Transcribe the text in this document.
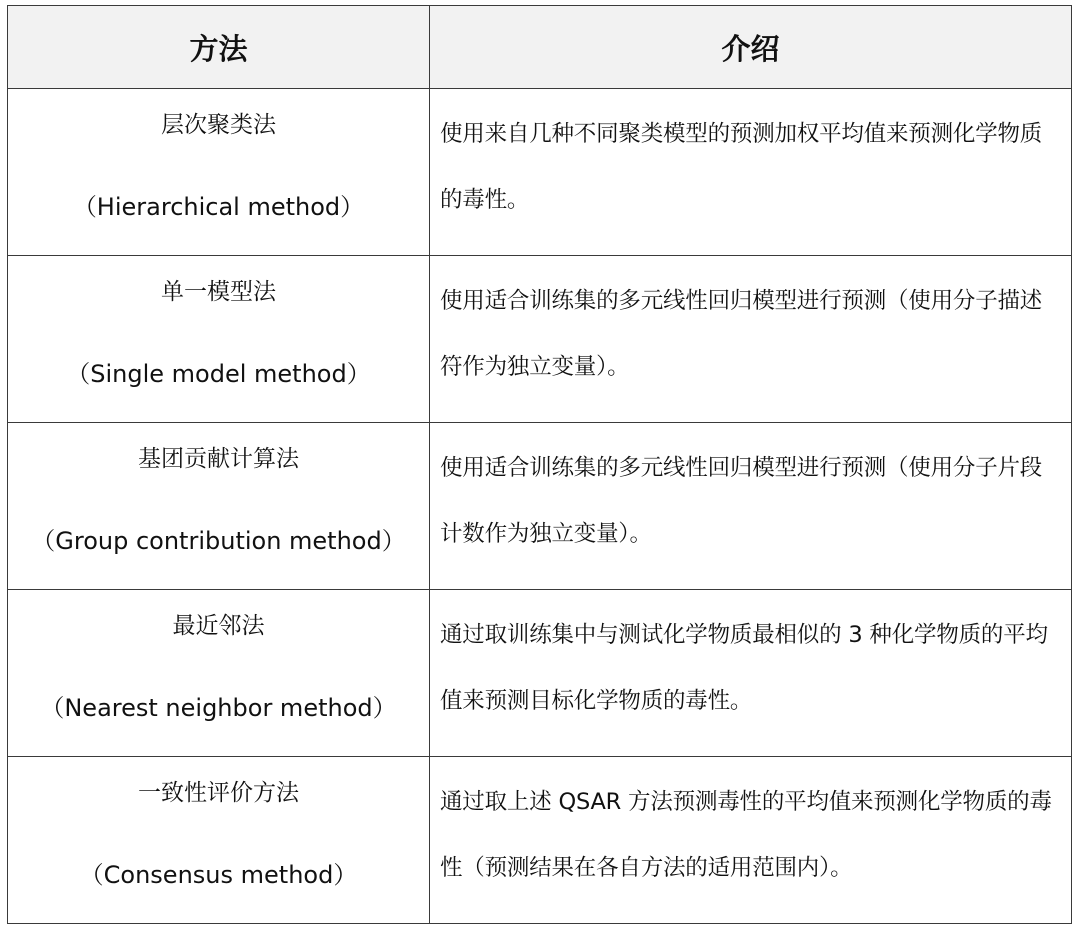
方法	介绍

层次聚类法
（Hierarchical method）	使用来自几种不同聚类模型的预测加权平均值来预测化学物质的毒性。

单一模型法
（Single model method）	使用适合训练集的多元线性回归模型进行预测（使用分子描述符作为独立变量）。

基团贡献计算法
（Group contribution method）	使用适合训练集的多元线性回归模型进行预测（使用分子片段计数作为独立变量）。

最近邻法
（Nearest neighbor method）	通过取训练集中与测试化学物质最相似的 3 种化学物质的平均值来预测目标化学物质的毒性。

一致性评价方法
（Consensus method）	通过取上述 QSAR 方法预测毒性的平均值来预测化学物质的毒性（预测结果在各自方法的适用范围内）。
